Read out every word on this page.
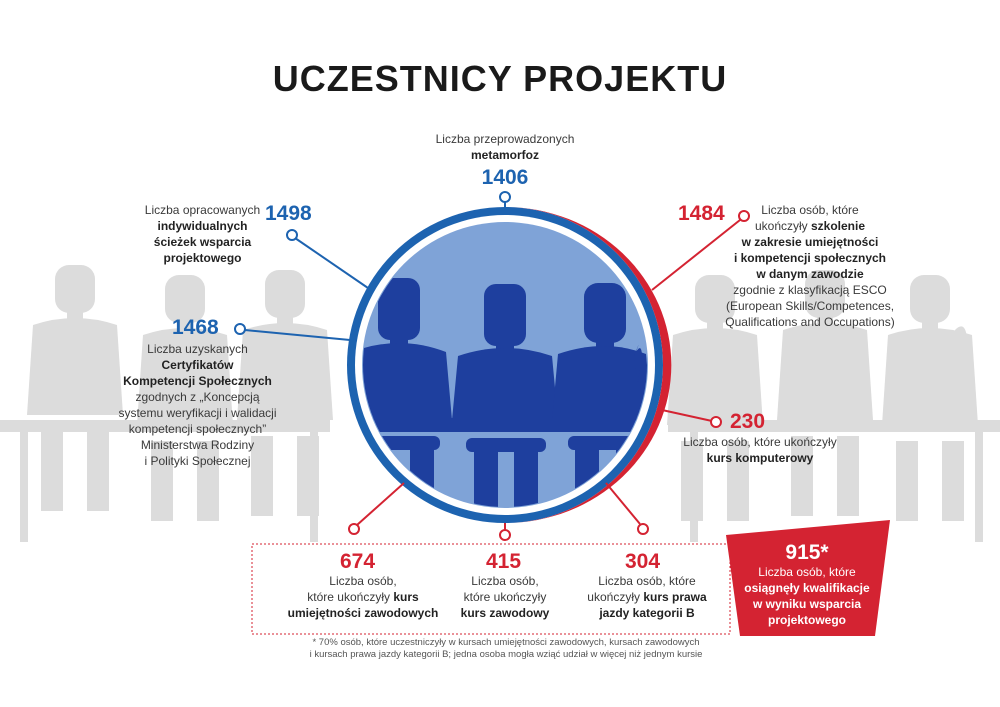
UCZESTNICY PROJEKTU
Liczba przeprowadzonych
metamorfoz
1406
1498
Liczba opracowanych
indywidualnych
ścieżek wsparcia
projektowego
1468
Liczba uzyskanych
Certyfikatów
Kompetencji Społecznych
zgodnych z „Koncepcją
systemu weryfikacji i walidacji
kompetencji społecznych”
Ministerstwa Rodziny
i Polityki Społecznej
1484	Liczba osób, które
ukończyły szkolenie
w zakresie umiejętności
i kompetencji społecznych
w danym zawodzie
zgodnie z klasyfikacją ESCO
(European Skills/Competences,
Qualifications and Occupations)
230
Liczba osób, które ukończyły
kurs komputerowy
674
Liczba osób,
które ukończyły kurs
umiejętności zawodowych
415
Liczba osób,
które ukończyły
kurs zawodowy
304
Liczba osób, które
ukończyły kurs prawa
jazdy kategorii B
915*
Liczba osób, które
osiągnęły kwalifikacje
w wyniku wsparcia
projektowego
* 70% osób, które uczestniczyły w kursach umiejętności zawodowych, kursach zawodowych
i kursach prawa jazdy kategorii B; jedna osoba mogła wziąć udział w więcej niż jednym kursie
